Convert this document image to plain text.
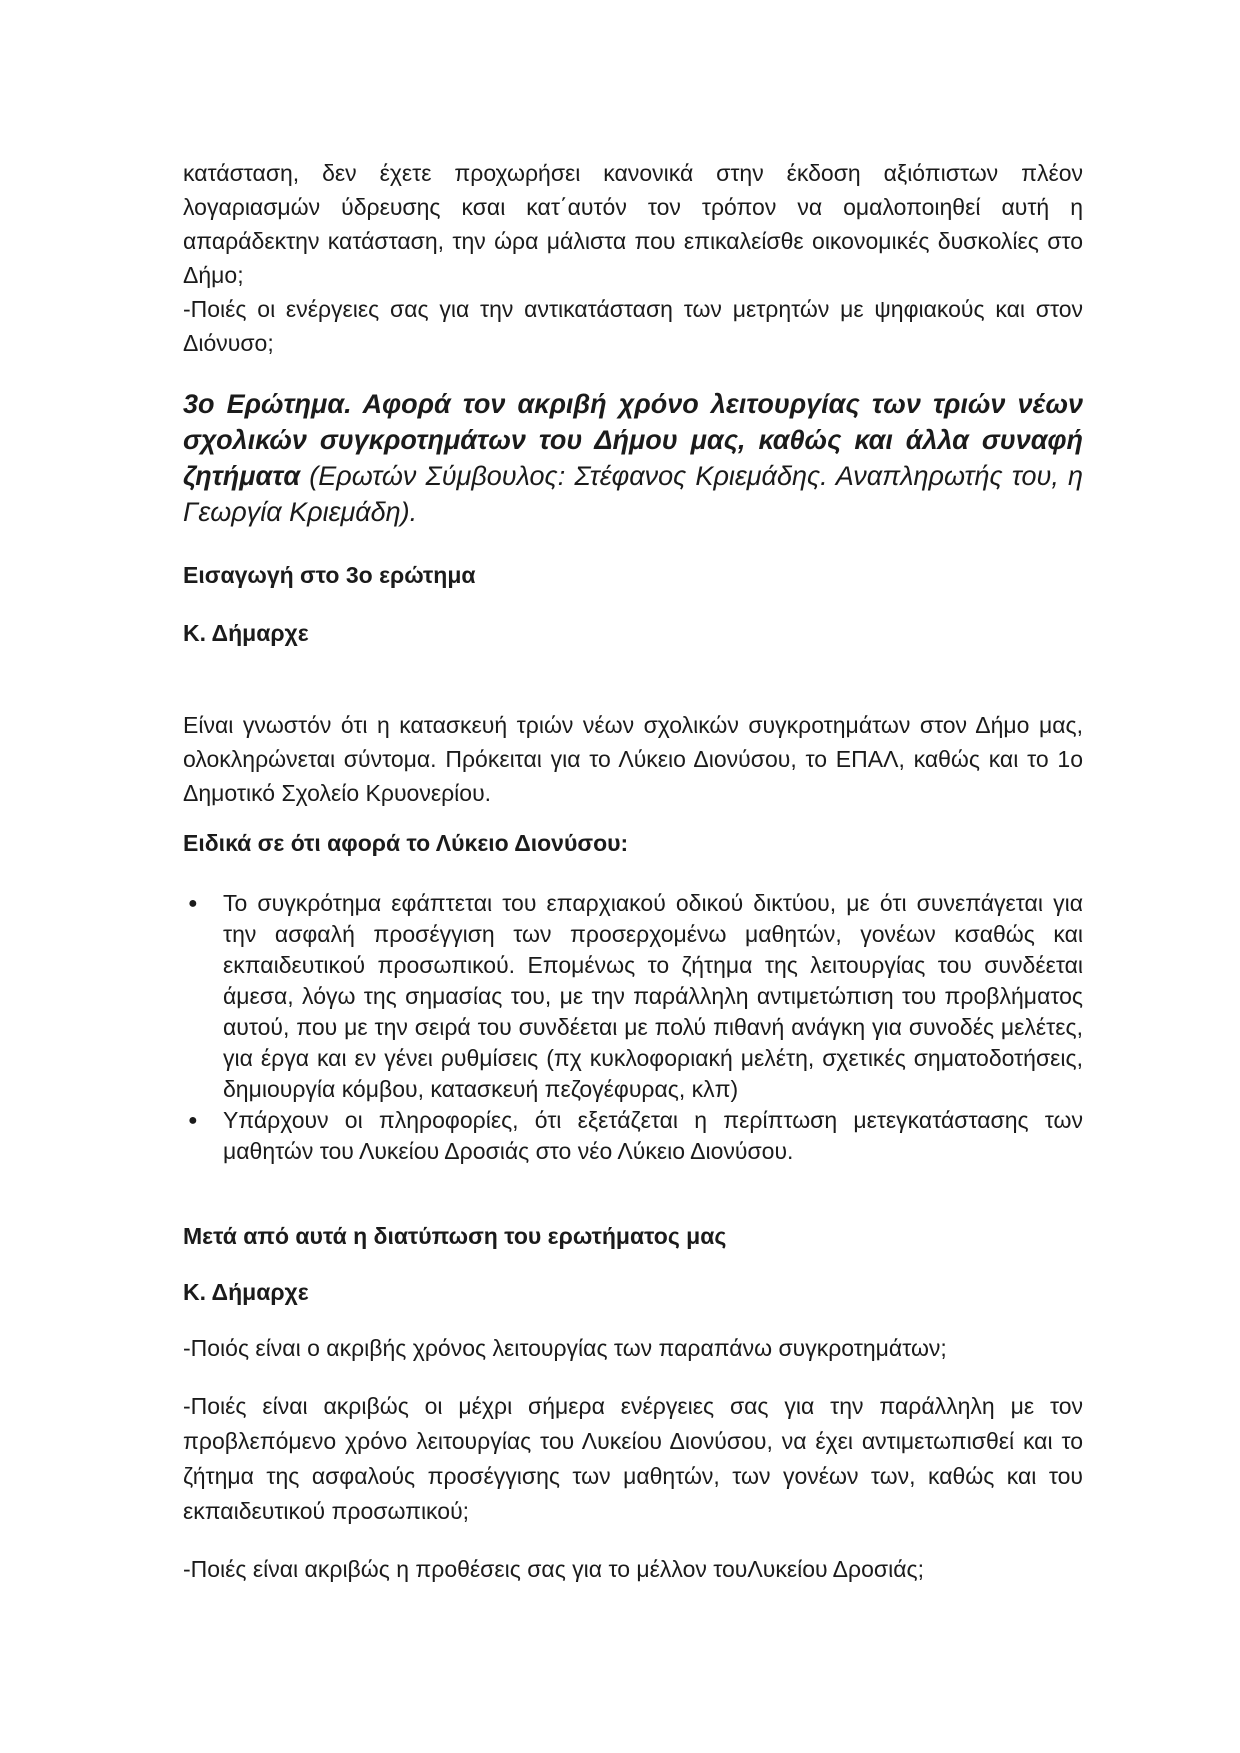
κατάσταση, δεν έχετε προχωρήσει κανονικά στην έκδοση αξιόπιστων πλέον λογαριασμών ύδρευσης κσαι κατ΄αυτόν τον τρόπον να ομαλοποιηθεί αυτή η απαράδεκτην κατάσταση, την ώρα μάλιστα που επικαλείσθε οικονομικές δυσκολίες στο Δήμο;

-Ποιές οι ενέργειες σας για την αντικατάσταση των μετρητών με ψηφιακούς και στον Διόνυσο;

3ο Ερώτημα. Αφορά τον ακριβή χρόνο λειτουργίας των τριών νέων σχολικών συγκροτημάτων του Δήμου μας, καθώς και άλλα συναφή ζητήματα (Ερωτών Σύμβουλος: Στέφανος Κριεμάδης. Αναπληρωτής του, η Γεωργία Κριεμάδη).

Εισαγωγή στο 3ο ερώτημα

Κ. Δήμαρχε

Είναι γνωστόν ότι η κατασκευή τριών νέων σχολικών συγκροτημάτων στον Δήμο μας, ολοκληρώνεται σύντομα. Πρόκειται για το Λύκειο Διονύσου, το ΕΠΑΛ, καθώς και το 1ο Δημοτικό Σχολείο Κρυονερίου.

Ειδικά σε ότι αφορά το Λύκειο Διονύσου:

●	Το συγκρότημα εφάπτεται του επαρχιακού οδικού δικτύου, με ότι συνεπάγεται για την ασφαλή προσέγγιση των προσερχομένω μαθητών, γονέων κσαθώς και εκπαιδευτικού προσωπικού. Επομένως το ζήτημα της λειτουργίας του συνδέεται άμεσα, λόγω της σημασίας του, με την παράλληλη αντιμετώπιση του προβλήματος αυτού, που με την σειρά του συνδέεται με πολύ πιθανή ανάγκη για συνοδές μελέτες, για έργα και εν γένει ρυθμίσεις (πχ κυκλοφοριακή μελέτη, σχετικές σηματοδοτήσεις, δημιουργία κόμβου, κατασκευή πεζογέφυρας, κλπ)
●	Υπάρχουν οι πληροφορίες, ότι εξετάζεται η περίπτωση μετεγκατάστασης των μαθητών του Λυκείου Δροσιάς στο νέο Λύκειο Διονύσου.

Μετά από αυτά η διατύπωση του ερωτήματος μας

Κ. Δήμαρχε

-Ποιός είναι ο ακριβής χρόνος λειτουργίας των παραπάνω συγκροτημάτων;

-Ποιές είναι ακριβώς οι μέχρι σήμερα ενέργειες σας για την παράλληλη με τον προβλεπόμενο χρόνο λειτουργίας του Λυκείου Διονύσου, να έχει αντιμετωπισθεί και το ζήτημα της ασφαλούς προσέγγισης των μαθητών, των γονέων των, καθώς και του εκπαιδευτικού προσωπικού;

-Ποιές είναι ακριβώς η προθέσεις σας για το μέλλον τουΛυκείου Δροσιάς;
